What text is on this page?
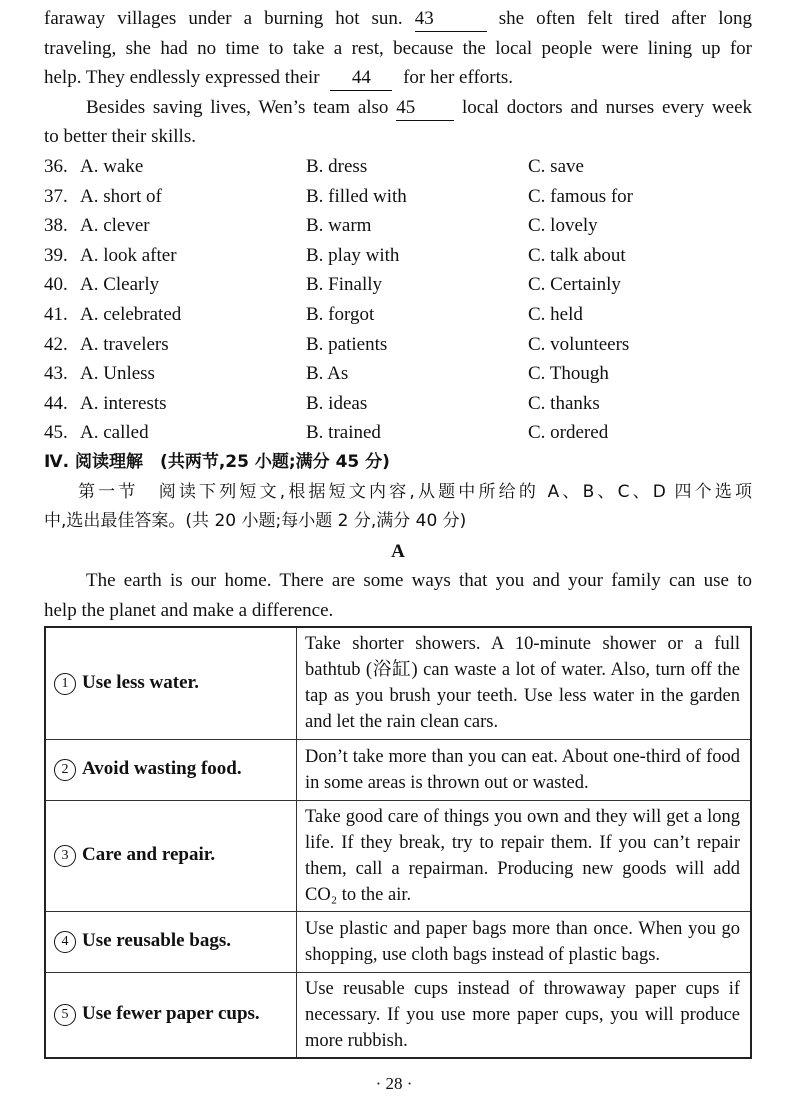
faraway villages under a burning hot sun. 43	she often felt tired after long
traveling, she had no time to take a rest, because the local people were lining up for
help. They endlessly expressed their 44 for her efforts.
Besides saving lives, Wen’s team also 45 local doctors and nurses every week
to better their skills.
36. A. wake	B. dress	C. save
37. A. short of	B. filled with	C. famous for
38. A. clever	B. warm	C. lovely
39. A. look after	B. play with	C. talk about
40. A. Clearly	B. Finally	C. Certainly
41. A. celebrated	B. forgot	C. held
42. A. travelers	B. patients	C. volunteers
43. A. Unless	B. As	C. Though
44. A. interests	B. ideas	C. thanks
45. A. called	B. trained	C. ordered
Ⅳ. 阅读理解　(共两节,25 小题;满分 45 分)
第一节　阅读下列短文,根据短文内容,从题中所给的 A、B、C、D 四个选项
中,选出最佳答案。(共 20 小题;每小题 2 分,满分 40 分)
A
The earth is our home. There are some ways that you and your family can use to
help the planet and make a difference.
1 Use less water.	Take shorter showers. A 10-minute shower or a full bathtub (浴缸) can waste a lot of water. Also, turn off the tap as you brush your teeth. Use less water in the garden and let the rain clean cars.
2 Avoid wasting food.	Don’t take more than you can eat. About one-third of food in some areas is thrown out or wasted.
3 Care and repair.	Take good care of things you own and they will get a long life. If they break, try to repair them. If you can’t repair them, call a repairman. Producing new goods will add CO₂ to the air.
4 Use reusable bags.	Use plastic and paper bags more than once. When you go shopping, use cloth bags instead of plastic bags.
5 Use fewer paper cups.	Use reusable cups instead of throwaway paper cups if necessary. If you use more paper cups, you will produce more rubbish.
· 28 ·
